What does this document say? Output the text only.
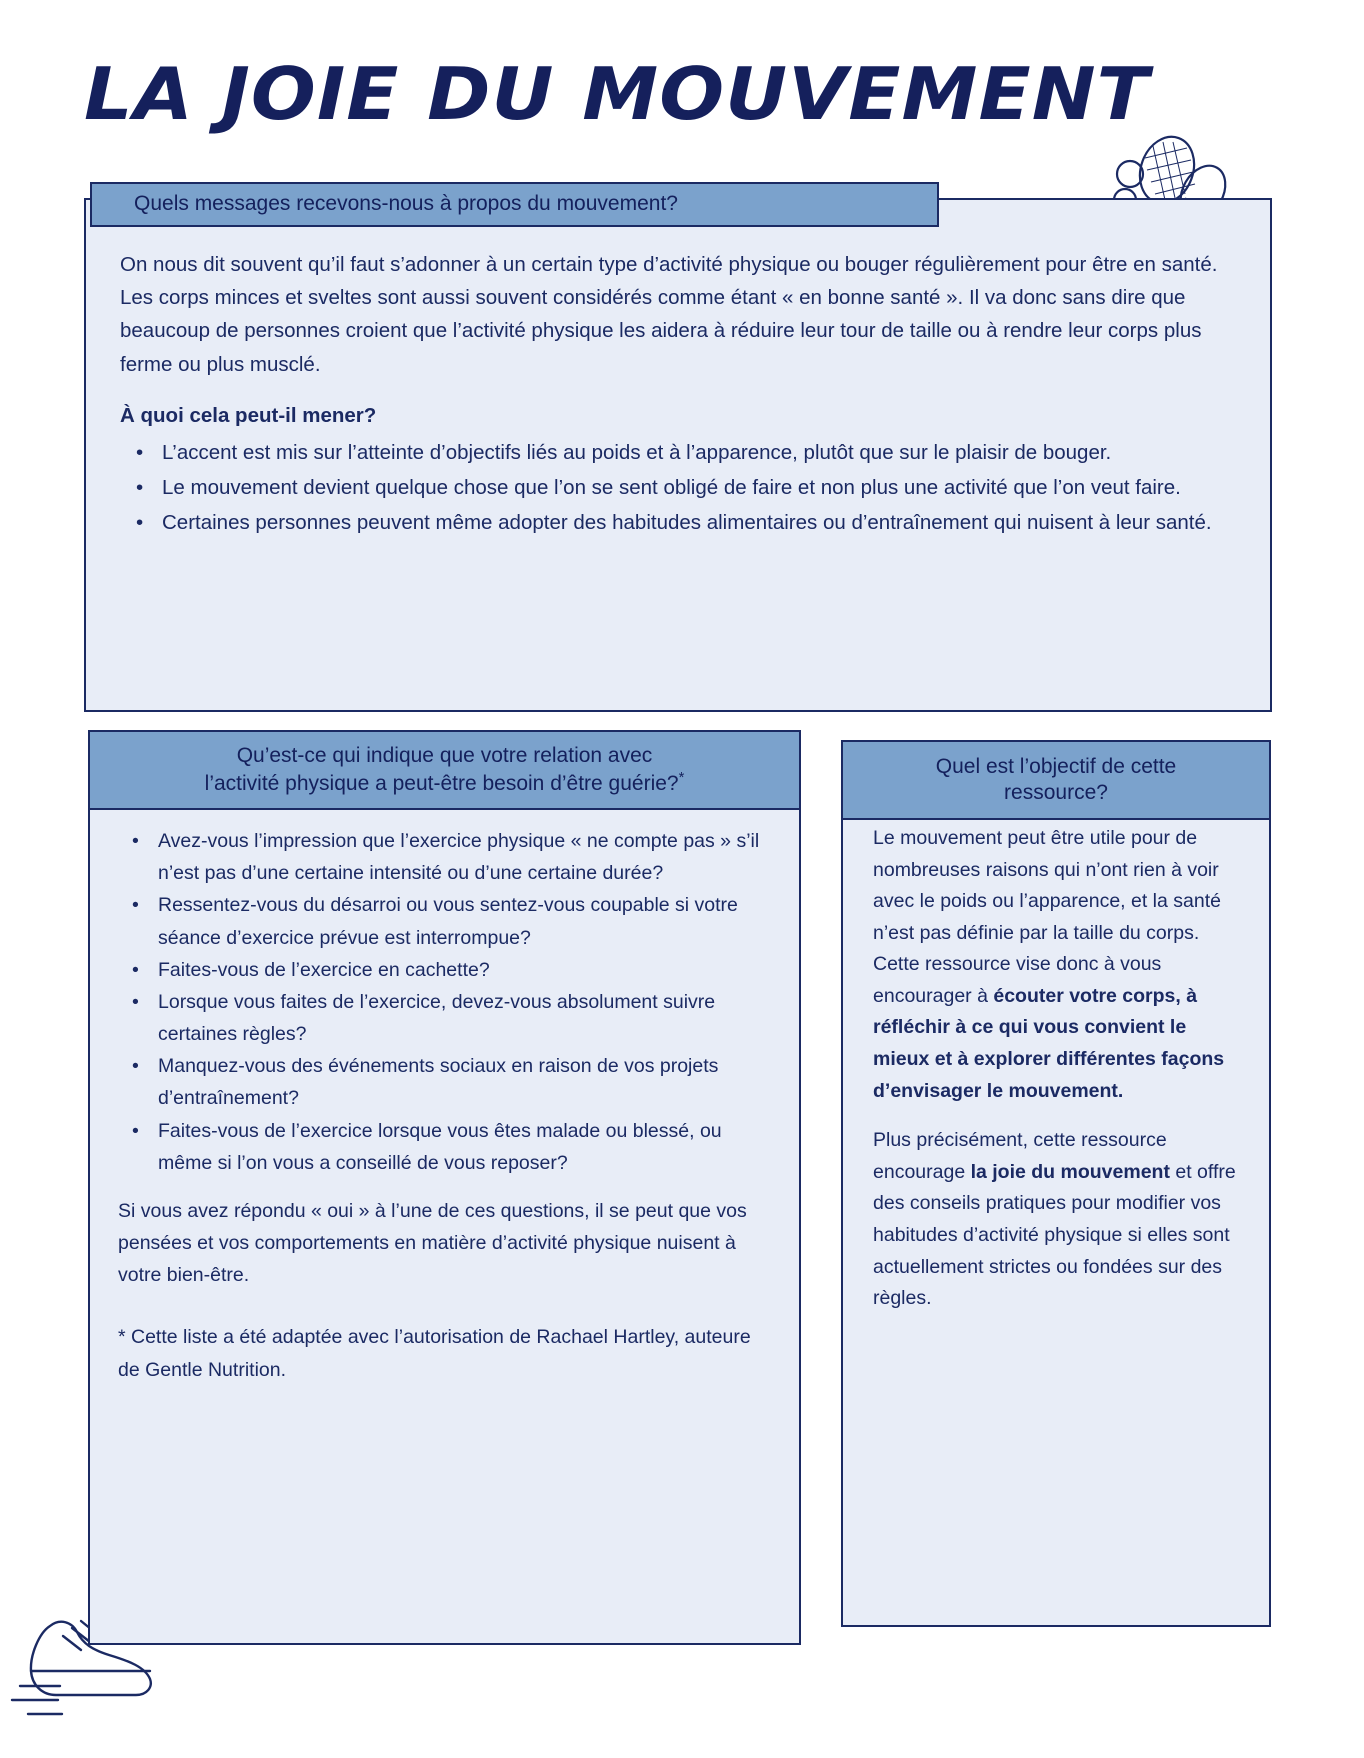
LA JOIE DU MOUVEMENT

On nous dit souvent qu’il faut s’adonner à un certain type d’activité physique ou bouger régulièrement pour être en santé. Les corps minces et sveltes sont aussi souvent considérés comme étant « en bonne santé ». Il va donc sans dire que beaucoup de personnes croient que l’activité physique les aidera à réduire leur tour de taille ou à rendre leur corps plus ferme ou plus musclé.

À quoi cela peut-il mener?

• L’accent est mis sur l’atteinte d’objectifs liés au poids et à l’apparence, plutôt que sur le plaisir de bouger.
• Le mouvement devient quelque chose que l’on se sent obligé de faire et non plus une activité que l’on veut faire.
• Certaines personnes peuvent même adopter des habitudes alimentaires ou d’entraînement qui nuisent à leur santé.
Quels messages recevons-nous à propos du mouvement?
• Avez-vous l’impression que l’exercice physique « ne compte pas » s’il n’est pas d’une certaine intensité ou d’une certaine durée?
• Ressentez-vous du désarroi ou vous sentez-vous coupable si votre séance d’exercice prévue est interrompue?
• Faites-vous de l’exercice en cachette?
• Lorsque vous faites de l’exercice, devez-vous absolument suivre certaines règles?
• Manquez-vous des événements sociaux en raison de vos projets d’entraînement?
• Faites-vous de l’exercice lorsque vous êtes malade ou blessé, ou même si l’on vous a conseillé de vous reposer?

Si vous avez répondu « oui » à l’une de ces questions, il se peut que vos pensées et vos comportements en matière d’activité physique nuisent à votre bien-être.

* Cette liste a été adaptée avec l’autorisation de Rachael Hartley, auteure de Gentle Nutrition.

Qu’est-ce qui indique que votre relation avec
l’activité physique a peut-être besoin d’être guérie?*

Le mouvement peut être utile pour de nombreuses raisons qui n’ont rien à voir avec le poids ou l’apparence, et la santé n’est pas définie par la taille du corps. Cette ressource vise donc à vous encourager à écouter votre corps, à réfléchir à ce qui vous convient le mieux et à explorer différentes façons d’envisager le mouvement.

Plus précisément, cette ressource encourage la joie du mouvement et offre des conseils pratiques pour modifier vos habitudes d’activité physique si elles sont actuellement strictes ou fondées sur des règles.

Quel est l’objectif de cette
ressource?
